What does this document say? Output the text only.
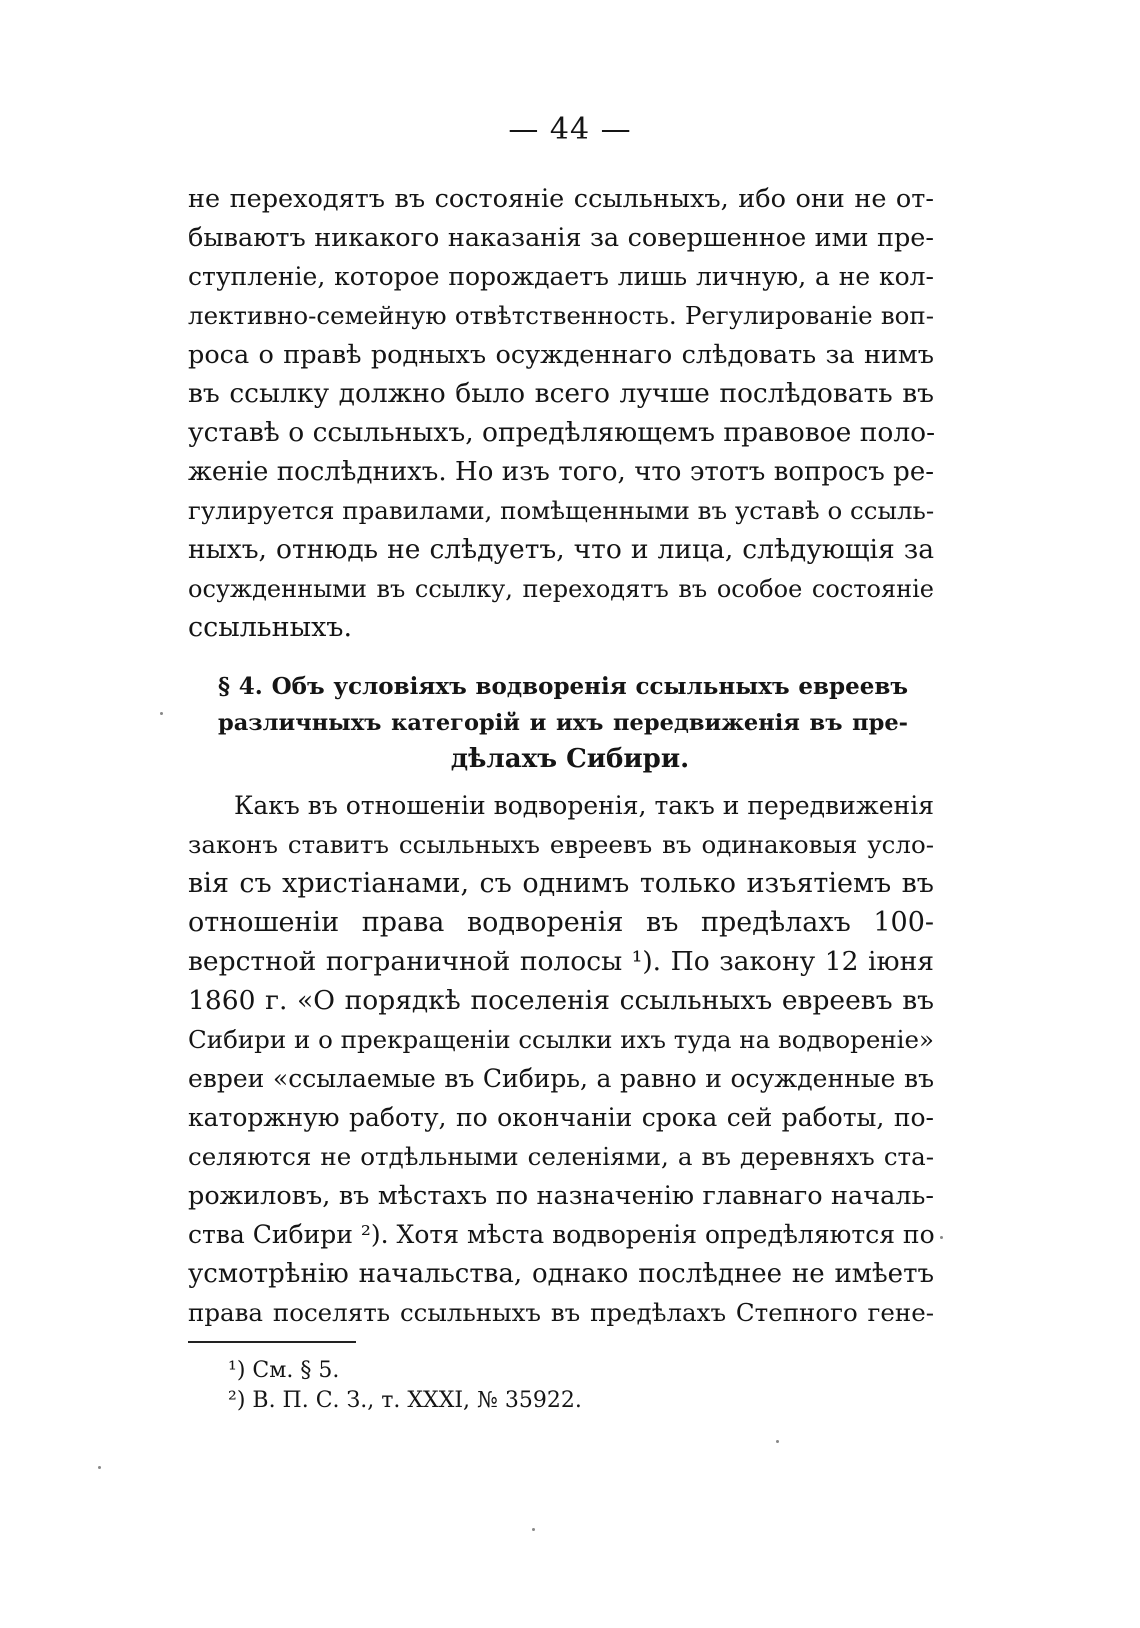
— 44 —
не переходятъ въ состояніе ссыльныхъ, ибо они не от-
бываютъ никакого наказанія за совершенное ими пре-
ступленіе, которое порождаетъ лишь личную, а не кол-
лективно-семейную отвѣтственность. Регулированіе воп-
роса о правѣ родныхъ осужденнаго слѣдовать за нимъ
въ ссылку должно было всего лучше послѣдовать въ
уставѣ о ссыльныхъ, опредѣляющемъ правовое поло-
женіе послѣднихъ. Но изъ того, что этотъ вопросъ ре-
гулируется правилами, помѣщенными въ уставѣ о ссыль-
ныхъ, отнюдь не слѣдуетъ, что и лица, слѣдующія за
осужденными въ ссылку, переходятъ въ особое состояніе
ссыльныхъ.
§ 4. Объ условіяхъ водворенія ссыльныхъ евреевъ
различныхъ категорій и ихъ передвиженія въ пре-
дѣлахъ Сибири.
Какъ въ отношеніи водворенія, такъ и передвиженія
законъ ставитъ ссыльныхъ евреевъ въ одинаковыя усло-
вія съ христіанами, съ однимъ только изъятіемъ въ
отношеніи права водворенія въ предѣлахъ 100-
верстной пограничной полосы ¹). По закону 12 іюня
1860 г. «О порядкѣ поселенія ссыльныхъ евреевъ въ
Сибири и о прекращеніи ссылки ихъ туда на водвореніе»
евреи «ссылаемые въ Сибирь, а равно и осужденные въ
каторжную работу, по окончаніи срока сей работы, по-
селяются не отдѣльными селеніями, а въ деревняхъ ста-
рожиловъ, въ мѣстахъ по назначенію главнаго началь-
ства Сибири ²). Хотя мѣста водворенія опредѣляются по
усмотрѣнію начальства, однако послѣднее не имѣетъ
права поселять ссыльныхъ въ предѣлахъ Степного гене-
¹) См. § 5.
²) В. П. С. З., т. XXXI, № 35922.
